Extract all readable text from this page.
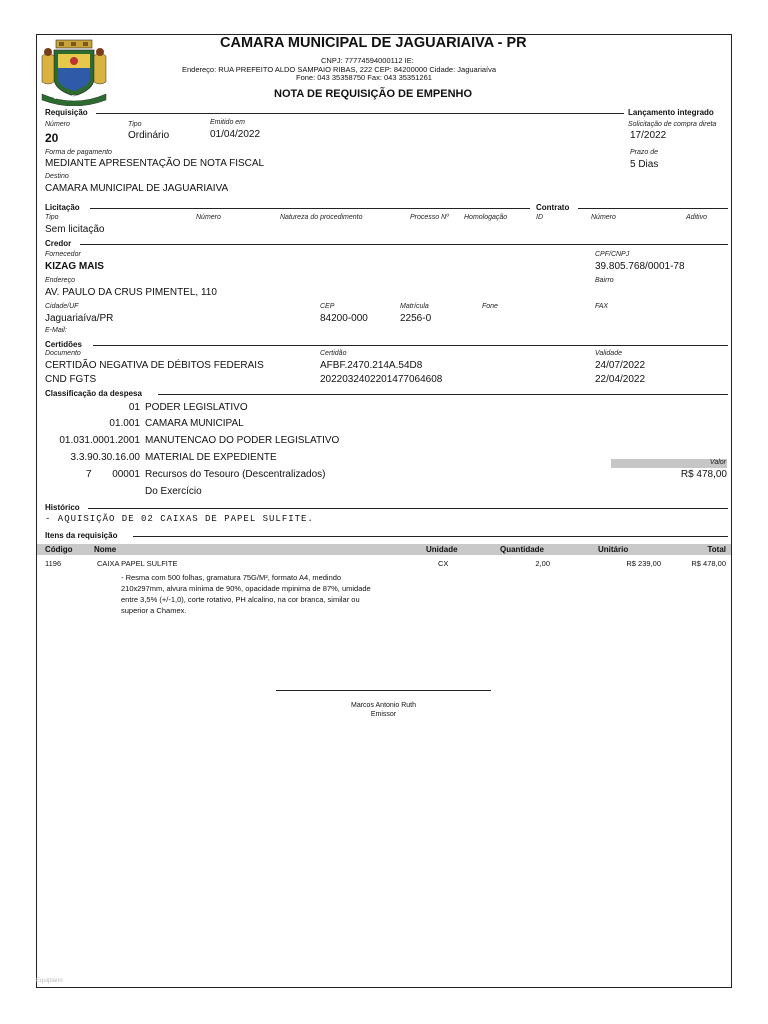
JAGUARIAIVA
CAMARA MUNICIPAL DE JAGUARIAIVA - PR
CNPJ: 77774594000112 IE:
Endereço: RUA PREFEITO ALDO SAMPAIO RIBAS, 222 CEP: 84200000 Cidade: Jaguariaíva
Fone: 043 35358750 Fax: 043 35351261
NOTA DE REQUISIÇÃO DE EMPENHO
Requisição	Lançamento integrado
Número
20
Tipo
Ordinário
Emitido em
01/04/2022
Solicitação de compra direta
17/2022
Forma de pagamento
MEDIANTE APRESENTAÇÃO DE NOTA FISCAL
Prazo de
5 Dias
Destino
CAMARA MUNICIPAL DE JAGUARIAIVA
Licitação	Contrato
Tipo
Sem licitação
Número	Natureza do procedimento	Processo Nº Homologação	ID	Número	Aditivo
Credor
Fornecedor
KIZAG MAIS
CPF/CNPJ
39.805.768/0001-78
Endereço
AV. PAULO DA CRUS PIMENTEL, 110
Bairro
Cidade/UF
Jaguariaíva/PR
CEP
84200-000
Matrícula
2256-0
Fone	FAX
E-Mail:
Certidões
Documento	Certidão	Validade
CERTIDÃO NEGATIVA DE DÉBITOS FEDERAIS	AFBF.2470.214A.54D8	24/07/2022
CND FGTS	2022032402201477064608	22/04/2022
Classificação da despesa
01 PODER LEGISLATIVO
01.001 CAMARA MUNICIPAL
01.031.0001.2001 MANUTENCAO DO PODER LEGISLATIVO
3.3.90.30.16.00 MATERIAL DE EXPEDIENTE
7 00001 Recursos do Tesouro (Descentralizados)
Do Exercício
Valor
R$ 478,00
Histórico
- AQUISIÇÃO DE 02 CAIXAS DE PAPEL SULFITE.
Itens da requisição
Código	Nome	Unidade	Quantidade	Unitário	Total
1196	CAIXA PAPEL SULFITE	CX	2,00	R$ 239,00	R$ 478,00
- Resma com 500 folhas, gramatura 75G/M², formato A4, medindo
210x297mm, alvura mínima de 90%, opacidade mpinima de 87%, umidade
entre 3,5% (+/-1,0), corte rotativo, PH alcalino, na cor branca, similar ou
superior a Chamex.
Marcos Antonio Ruth
Emissor
Equiplano
